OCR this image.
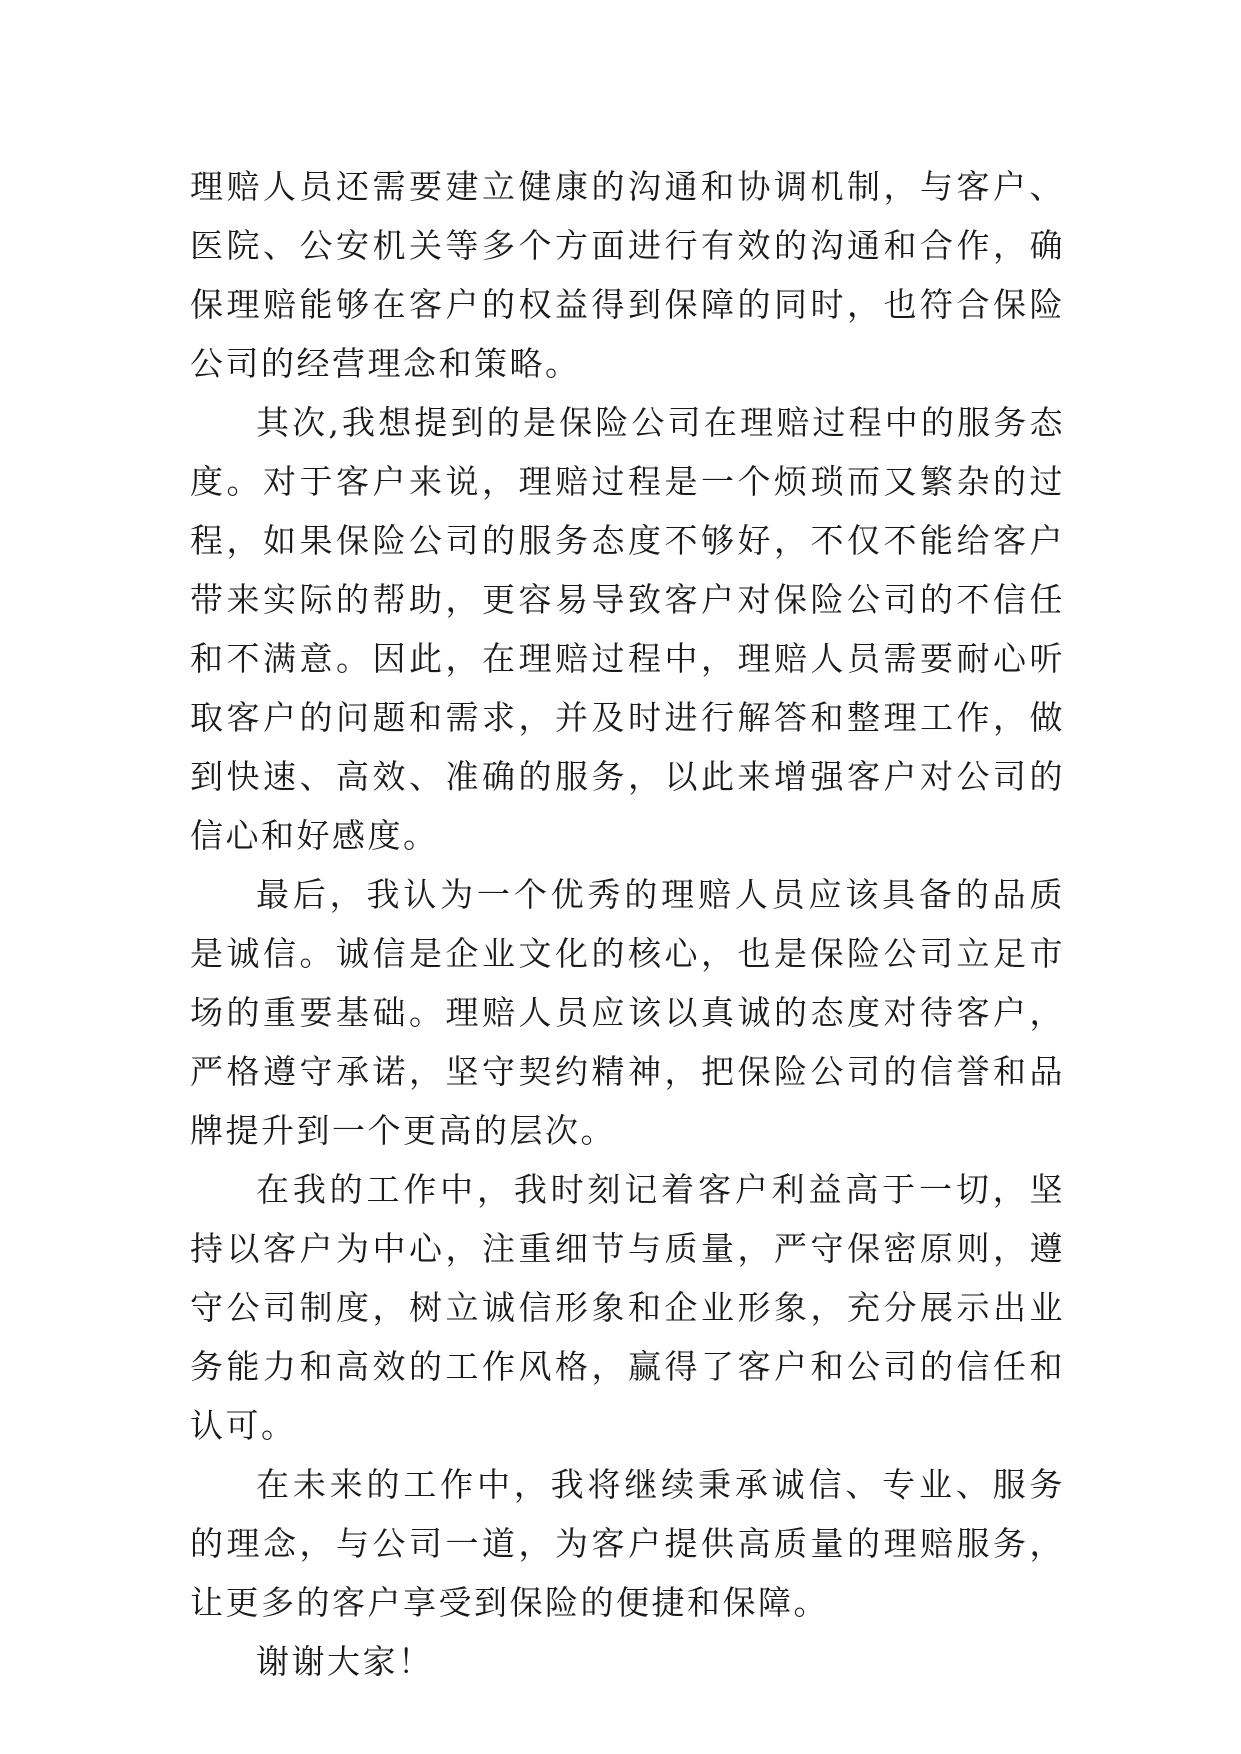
理赔人员还需要建立健康的沟通和协调机制，与客户、医院、公安机关等多个方面进行有效的沟通和合作，确保理赔能够在客户的权益得到保障的同时，也符合保险公司的经营理念和策略。

其次,我想提到的是保险公司在理赔过程中的服务态度。对于客户来说，理赔过程是一个烦琐而又繁杂的过程，如果保险公司的服务态度不够好，不仅不能给客户带来实际的帮助，更容易导致客户对保险公司的不信任和不满意。因此，在理赔过程中，理赔人员需要耐心听取客户的问题和需求，并及时进行解答和整理工作，做到快速、高效、准确的服务，以此来增强客户对公司的信心和好感度。

最后，我认为一个优秀的理赔人员应该具备的品质是诚信。诚信是企业文化的核心，也是保险公司立足市场的重要基础。理赔人员应该以真诚的态度对待客户，严格遵守承诺，坚守契约精神，把保险公司的信誉和品牌提升到一个更高的层次。

在我的工作中，我时刻记着客户利益高于一切，坚持以客户为中心，注重细节与质量，严守保密原则，遵守公司制度，树立诚信形象和企业形象，充分展示出业务能力和高效的工作风格，赢得了客户和公司的信任和认可。

在未来的工作中，我将继续秉承诚信、专业、服务的理念，与公司一道，为客户提供高质量的理赔服务，让更多的客户享受到保险的便捷和保障。

谢谢大家！
